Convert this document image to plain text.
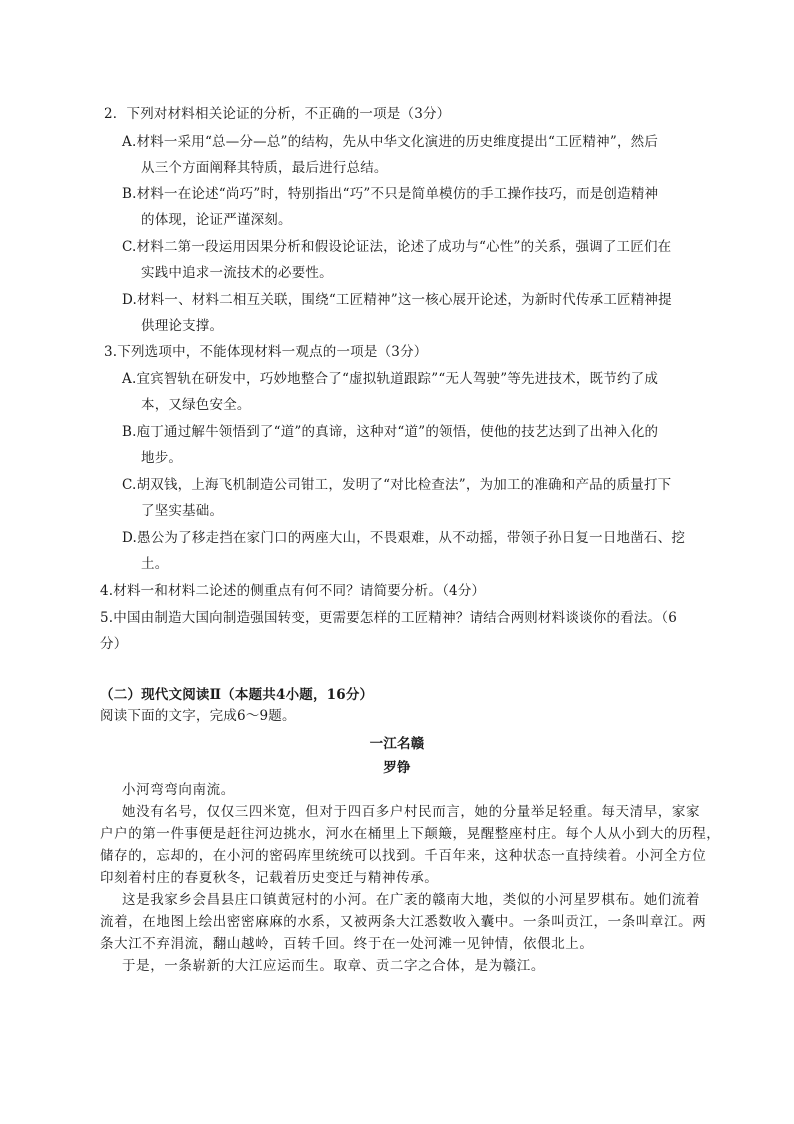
2．下列对材料相关论证的分析，不正确的一项是（3分）
A.材料一采用“总—分—总”的结构，先从中华文化演进的历史维度提出“工匠精神”，然后
从三个方面阐释其特质，最后进行总结。
B.材料一在论述“尚巧”时，特别指出“巧”不只是简单模仿的手工操作技巧，而是创造精神
的体现，论证严谨深刻。
C.材料二第一段运用因果分析和假设论证法，论述了成功与“心性”的关系，强调了工匠们在
实践中追求一流技术的必要性。
D.材料一、材料二相互关联，围绕“工匠精神”这一核心展开论述，为新时代传承工匠精神提
供理论支撑。
3.下列选项中，不能体现材料一观点的一项是（3分）
A.宜宾智轨在研发中，巧妙地整合了“虚拟轨道跟踪”“无人驾驶”等先进技术，既节约了成
本，又绿色安全。
B.庖丁通过解牛领悟到了“道”的真谛，这种对“道”的领悟，使他的技艺达到了出神入化的
地步。
C.胡双钱，上海飞机制造公司钳工，发明了“对比检查法”，为加工的准确和产品的质量打下
了坚实基础。
D.愚公为了移走挡在家门口的两座大山，不畏艰难，从不动摇，带领子孙日复一日地凿石、挖
土。
4.材料一和材料二论述的侧重点有何不同？请简要分析。（4分）
5.中国由制造大国向制造强国转变，更需要怎样的工匠精神？请结合两则材料谈谈你的看法。（6
分）
（二）现代文阅读Ⅱ（本题共4小题，16分）
阅读下面的文字，完成6～9题。
一江名赣
罗铮
小河弯弯向南流。
她没有名号，仅仅三四米宽，但对于四百多户村民而言，她的分量举足轻重。每天清早，家家
户户的第一件事便是赶往河边挑水，河水在桶里上下颠簸，晃醒整座村庄。每个人从小到大的历程，
储存的，忘却的，在小河的密码库里统统可以找到。千百年来，这种状态一直持续着。小河全方位
印刻着村庄的春夏秋冬，记载着历史变迁与精神传承。
这是我家乡会昌县庄口镇黄冠村的小河。在广袤的赣南大地，类似的小河星罗棋布。她们流着
流着，在地图上绘出密密麻麻的水系，又被两条大江悉数收入囊中。一条叫贡江，一条叫章江。两
条大江不弃涓流，翻山越岭，百转千回。终于在一处河滩一见钟情，依偎北上。
于是，一条崭新的大江应运而生。取章、贡二字之合体，是为赣江。
